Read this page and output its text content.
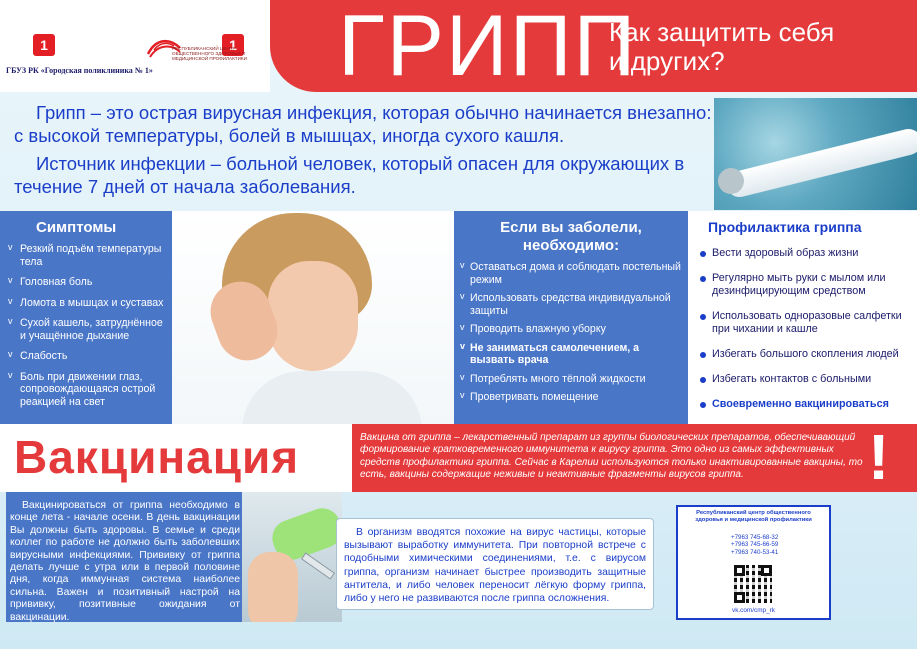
1
ГБУЗ РК «Городская поликлиника № 1»
1
РЕСПУБЛИКАНСКИЙ ЦЕНТР ОБЩЕСТВЕННОГО ЗДОРОВЬЯ И МЕДИЦИНСКОЙ ПРОФИЛАКТИКИ ГРИПП
Как защитить себя
и других?

Грипп – это острая вирусная инфекция, которая обычно начинается внезапно: с высокой температуры, болей в мышцах, иногда сухого кашля.

Источник инфекции – больной человек, который опасен для окружающих в течение 7 дней от начала заболевания.

Симптомы
v Резкий подъём температуры тела
v Головная боль
v Ломота в мышцах и суставах
v Сухой кашель, затруднённое и учащённое дыхание
v Слабость
v Боль при движении глаз, сопровождающаяся острой реакцией на свет
Если вы заболели,
необходимо:
v Оставаться дома и соблюдать постельный режим
v Использовать средства индивидуальной защиты
v Проводить влажную уборку
v Не заниматься самолечением, а вызвать врача
v Потреблять много тёплой жидкости
v Проветривать помещение
Профилактика гриппа
Вести здоровый образ жизни
Регулярно мыть руки с мылом или дезинфицирующим средством
Использовать одноразовые салфетки при чихании и кашле
Избегать большого скопления людей
Избегать контактов с больными
Своевременно вакцинироваться
Вакцинация	Вакцина от гриппа – лекарственный препарат из группы биологических препаратов, обеспечивающий формирование кратковременного иммунитета к вирусу гриппа. Это одно из самых эффективных средств профилактики гриппа. Сейчас в Карелии используются только инактивированные вакцины, то есть, вакцины содержащие неживые и неактивные фрагменты вирусов гриппа.	!

Вакцинироваться от гриппа необходимо в конце лета - начале осени. В день вакцинации Вы должны быть здоровы. В семье и среди коллег по работе не должно быть заболевших вирусными инфекциями. Прививку от гриппа делать лучше с утра или в первой половине дня, когда иммунная система наиболее сильна. Важен и позитивный настрой на прививку, позитивные ожидания от вакцинации.

В организм вводятся похожие на вирус частицы, которые вызывают выработку иммунитета. При повторной встрече с подобными химическими соединениями, т.е. с вирусом гриппа, организм начинает быстрее производить защитные антитела, и либо человек переносит лёгкую форму гриппа, либо у него не развиваются после гриппа осложнения.

Республиканский центр общественного
здоровья и медицинской профилактики
+7963 745-68-32
+7963 745-66-59
+7963 740-53-41
vk.com/cmp_rk
